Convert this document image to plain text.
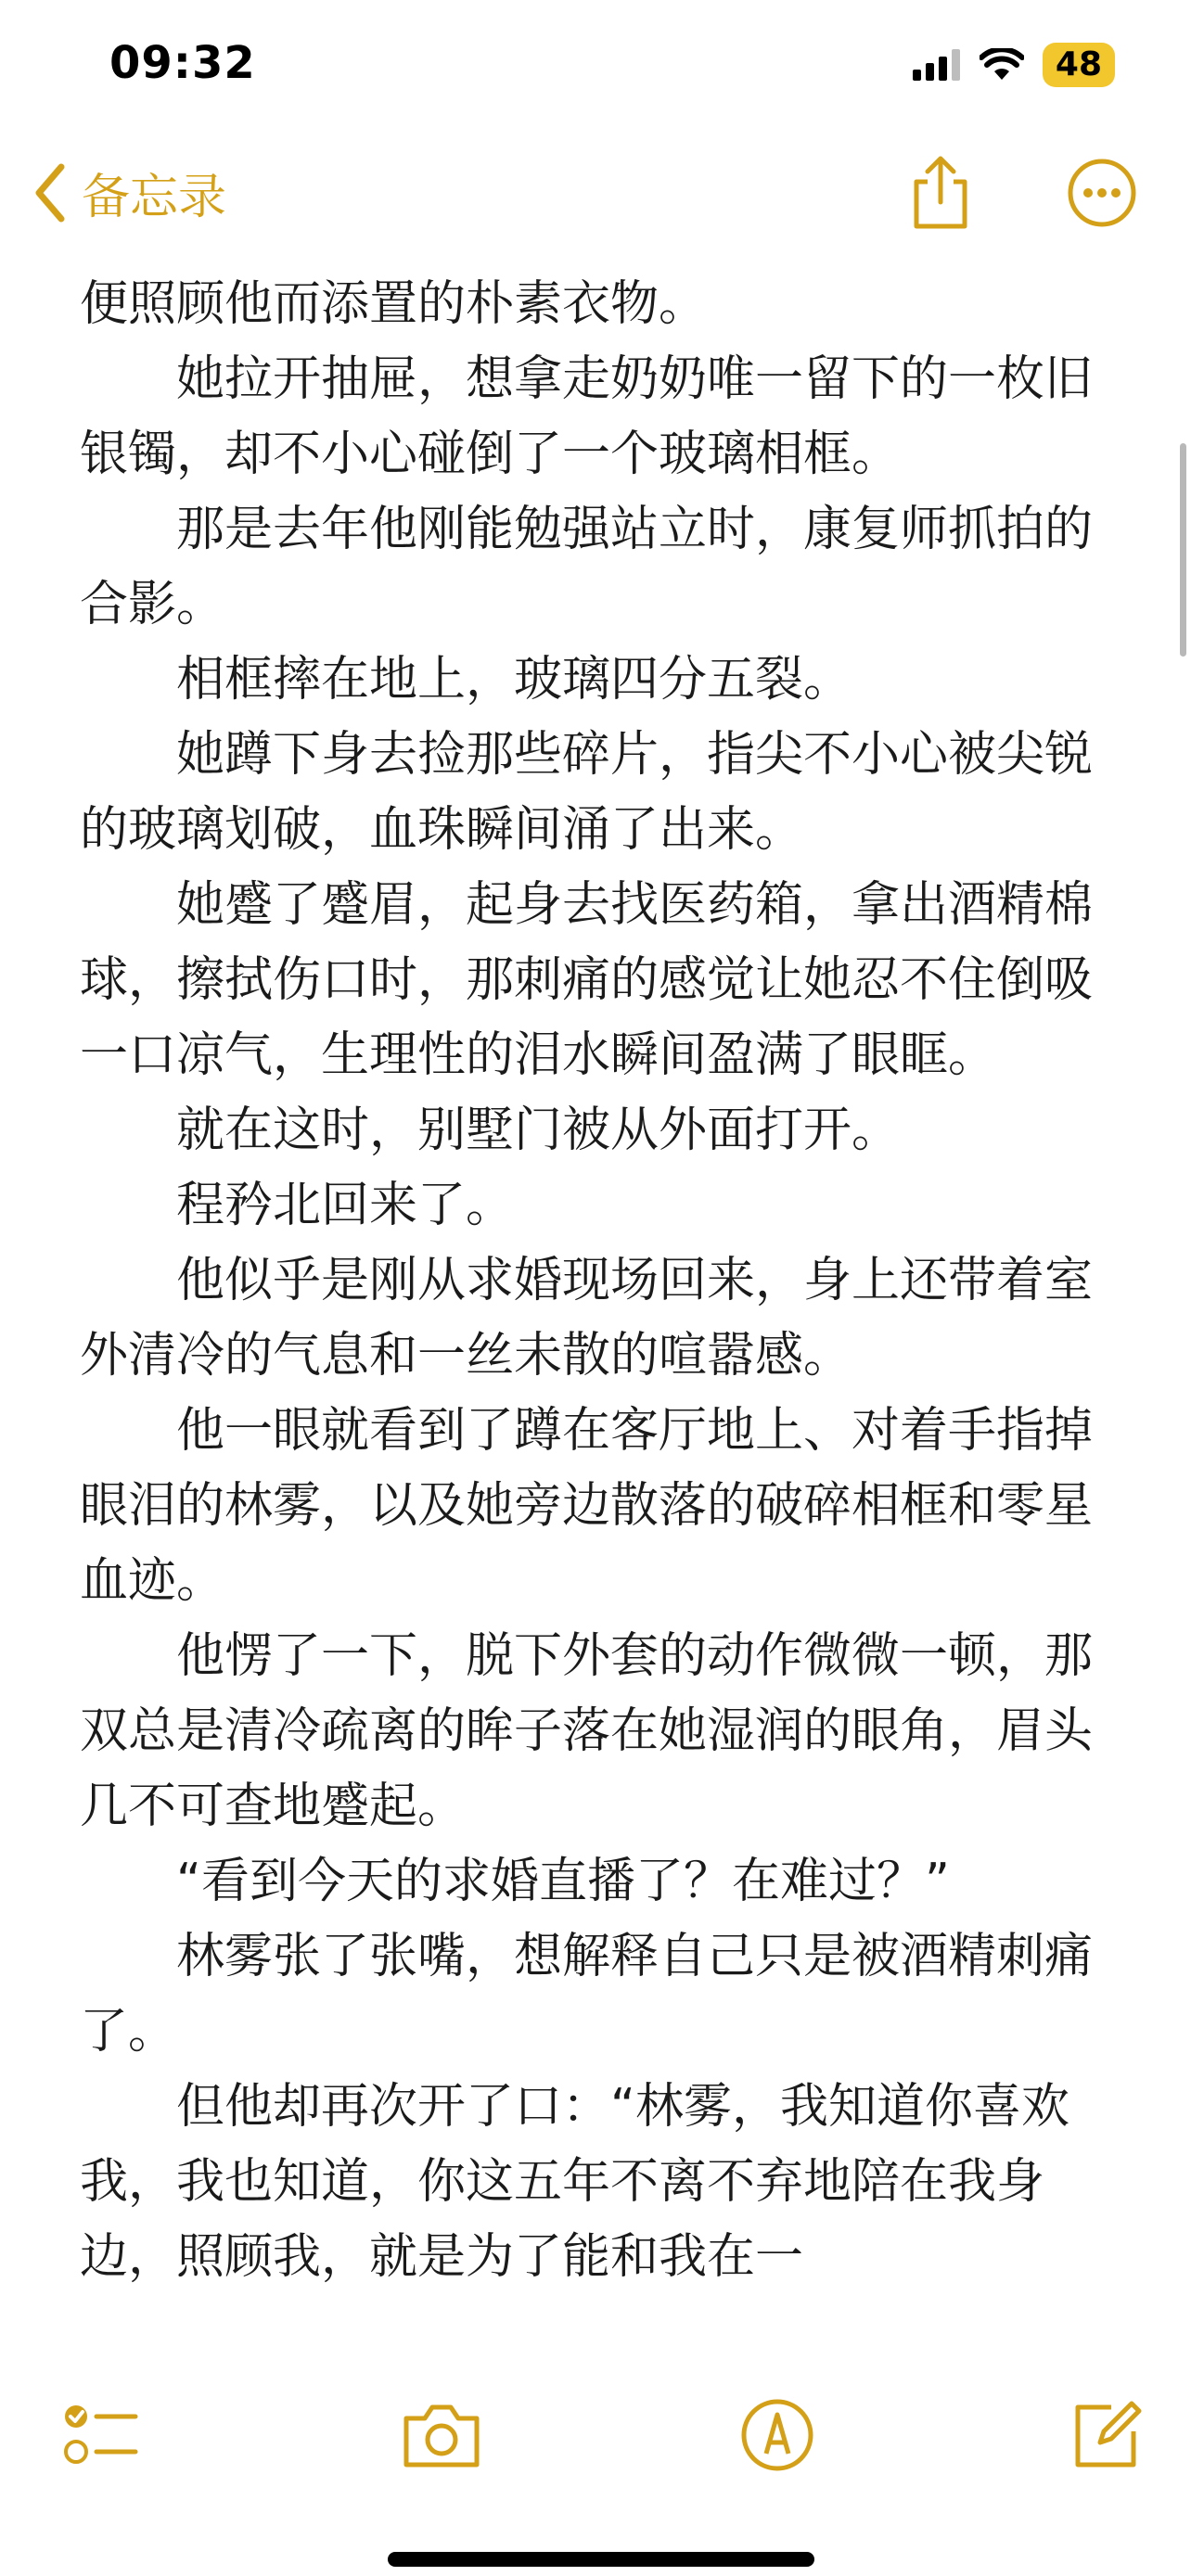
09:32	48
备忘录

便照顾他而添置的朴素衣物。

她拉开抽屉，想拿走奶奶唯一留下的一枚旧银镯，却不小心碰倒了一个玻璃相框。

那是去年他刚能勉强站立时，康复师抓拍的合影。

相框摔在地上，玻璃四分五裂。

她蹲下身去捡那些碎片，指尖不小心被尖锐的玻璃划破，血珠瞬间涌了出来。

她蹙了蹙眉，起身去找医药箱，拿出酒精棉球，擦拭伤口时，那刺痛的感觉让她忍不住倒吸一口凉气，生理性的泪水瞬间盈满了眼眶。

就在这时，别墅门被从外面打开。

程矜北回来了。

他似乎是刚从求婚现场回来，身上还带着室外清冷的气息和一丝未散的喧嚣感。

他一眼就看到了蹲在客厅地上、对着手指掉眼泪的林雾，以及她旁边散落的破碎相框和零星血迹。

他愣了一下，脱下外套的动作微微一顿，那双总是清冷疏离的眸子落在她湿润的眼角，眉头几不可查地蹙起。

“看到今天的求婚直播了？在难过？”

林雾张了张嘴，想解释自己只是被酒精刺痛了。

但他却再次开了口：“林雾，我知道你喜欢我，我也知道，你这五年不离不弃地陪在我身边，照顾我，就是为了能和我在一
